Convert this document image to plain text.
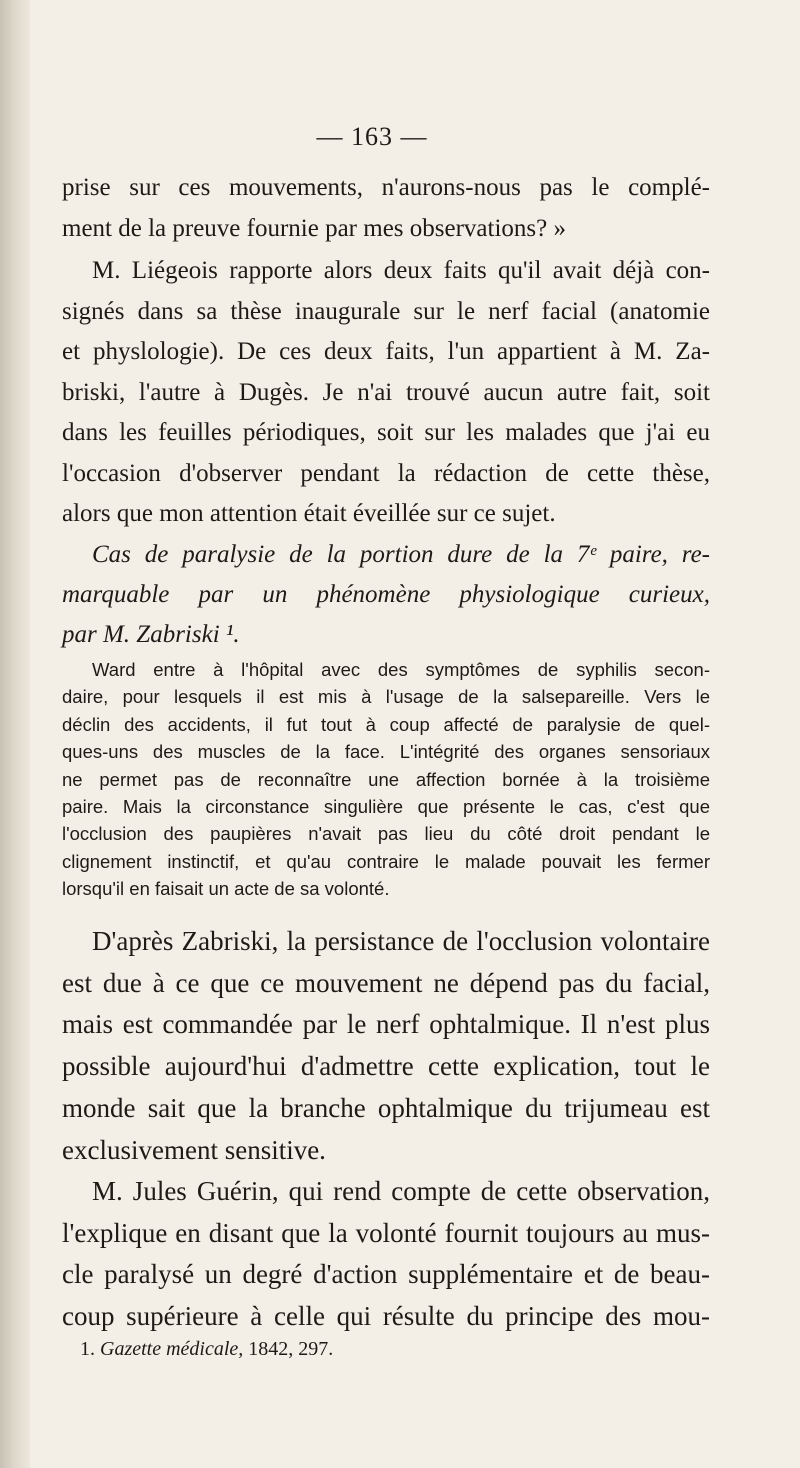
— 163 —
prise sur ces mouvements, n'aurons-nous pas le complé-
ment de la preuve fournie par mes observations? »
M. Liégeois rapporte alors deux faits qu'il avait déjà con-
signés dans sa thèse inaugurale sur le nerf facial (anatomie
et physlologie). De ces deux faits, l'un appartient à M. Za-
briski, l'autre à Dugès. Je n'ai trouvé aucun autre fait, soit
dans les feuilles périodiques, soit sur les malades que j'ai eu
l'occasion d'observer pendant la rédaction de cette thèse,
alors que mon attention était éveillée sur ce sujet.
Cas de paralysie de la portion dure de la 7ᵉ paire, re-
marquable par un phénomène physiologique curieux,
par M. Zabriski ¹.
Ward entre à l'hôpital avec des symptômes de syphilis secon-
daire, pour lesquels il est mis à l'usage de la salsepareille. Vers le
déclin des accidents, il fut tout à coup affecté de paralysie de quel-
ques-uns des muscles de la face. L'intégrité des organes sensoriaux
ne permet pas de reconnaître une affection bornée à la troisième
paire. Mais la circonstance singulière que présente le cas, c'est que
l'occlusion des paupières n'avait pas lieu du côté droit pendant le
clignement instinctif, et qu'au contraire le malade pouvait les fermer
lorsqu'il en faisait un acte de sa volonté.
D'après Zabriski, la persistance de l'occlusion volontaire
est due à ce que ce mouvement ne dépend pas du facial,
mais est commandée par le nerf ophtalmique. Il n'est plus
possible aujourd'hui d'admettre cette explication, tout le
monde sait que la branche ophtalmique du trijumeau est
exclusivement sensitive.
M. Jules Guérin, qui rend compte de cette observation,
l'explique en disant que la volonté fournit toujours au mus-
cle paralysé un degré d'action supplémentaire et de beau-
coup supérieure à celle qui résulte du principe des mou-
1. Gazette médicale, 1842, 297.
